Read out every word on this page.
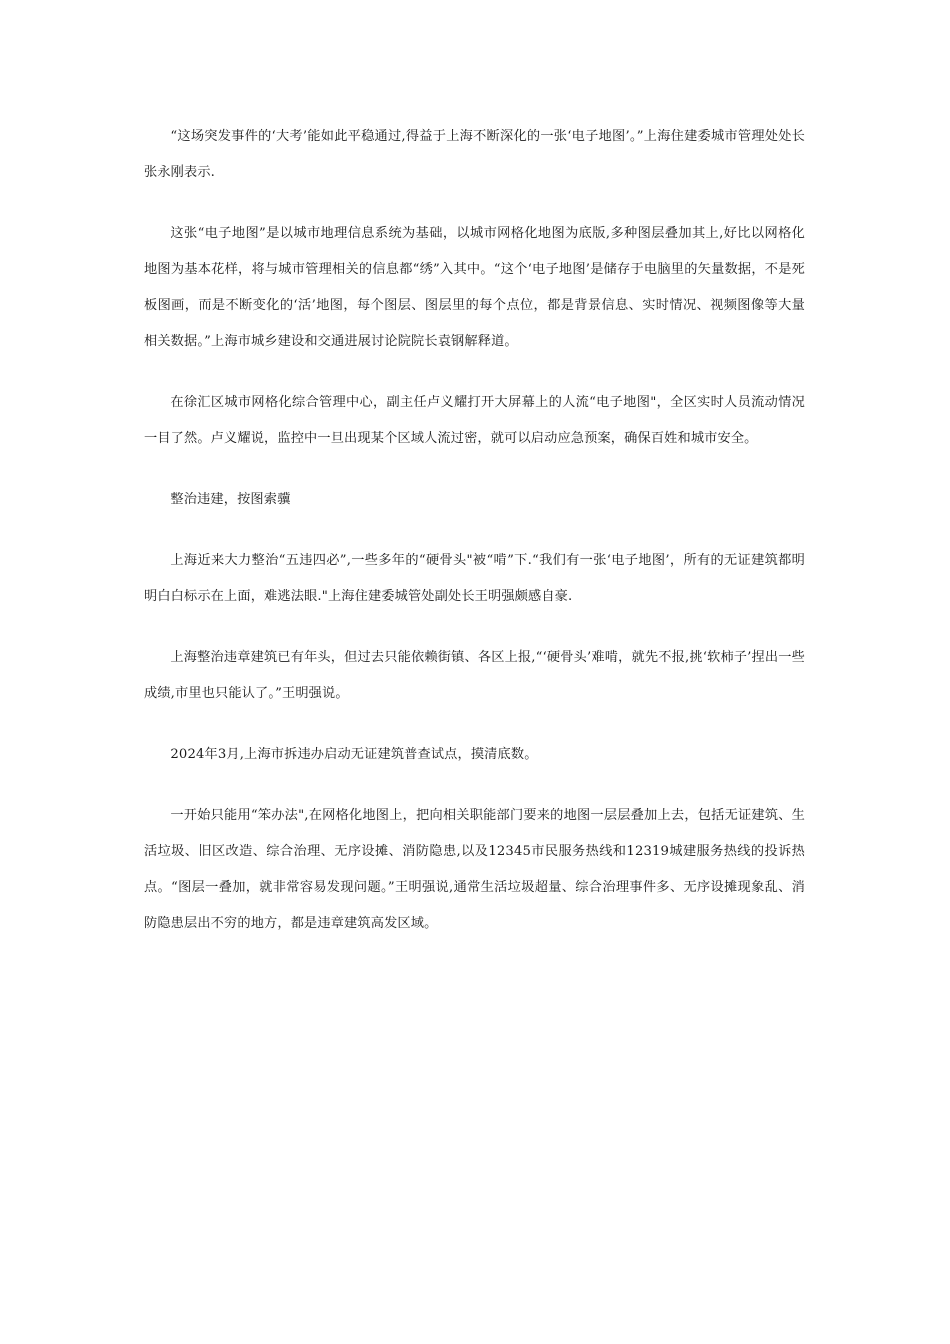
“这场突发事件的‘大考’能如此平稳通过,得益于上海不断深化的一张‘电子地图’。”上海住建委城市管理处处长张永刚表示.

这张“电子地图”是以城市地理信息系统为基础，以城市网格化地图为底版,多种图层叠加其上,好比以网格化地图为基本花样，将与城市管理相关的信息都“绣”入其中。“这个‘电子地图’是储存于电脑里的矢量数据，不是死板图画，而是不断变化的‘活’地图，每个图层、图层里的每个点位，都是背景信息、实时情况、视频图像等大量相关数据。”上海市城乡建设和交通进展讨论院院长袁钢解释道。

在徐汇区城市网格化综合管理中心，副主任卢义耀打开大屏幕上的人流“电子地图"，全区实时人员流动情况一目了然。卢义耀说，监控中一旦出现某个区域人流过密，就可以启动应急预案，确保百姓和城市安全。

整治违建，按图索骥

上海近来大力整治“五违四必”,一些多年的“硬骨头"被“啃”下.“我们有一张‘电子地图’，所有的无证建筑都明明白白标示在上面，难逃法眼."上海住建委城管处副处长王明强颇感自豪.

上海整治违章建筑已有年头，但过去只能依赖街镇、各区上报,“‘硬骨头’难啃，就先不报,挑‘软柿子’捏出一些成绩,市里也只能认了。”王明强说。

2024年3月,上海市拆违办启动无证建筑普查试点，摸清底数。

一开始只能用“笨办法",在网格化地图上，把向相关职能部门要来的地图一层层叠加上去，包括无证建筑、生活垃圾、旧区改造、综合治理、无序设摊、消防隐患,以及12345市民服务热线和12319城建服务热线的投诉热点。“图层一叠加，就非常容易发现问题。”王明强说,通常生活垃圾超量、综合治理事件多、无序设摊现象乱、消防隐患层出不穷的地方，都是违章建筑高发区域。
